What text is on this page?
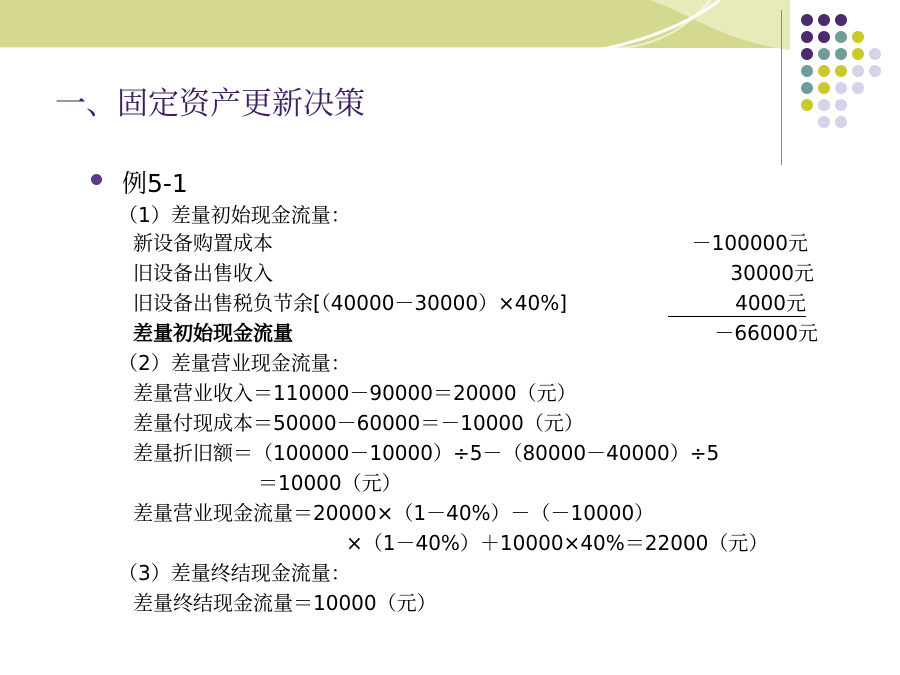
一、固定资产更新决策
例5-1
（1）差量初始现金流量：
新设备购置成本	－100000元
旧设备出售收入	30000元
旧设备出售税负节余[（40000－30000）×40%]	4000元
差量初始现金流量	－66000元
（2）差量营业现金流量：
差量营业收入＝110000－90000＝20000（元）
差量付现成本＝50000－60000＝－10000（元）
差量折旧额＝（100000－10000）÷5－（80000－40000）÷5
＝10000（元）
差量营业现金流量＝20000×（1－40%）－（－10000）
×（1－40%）＋10000×40%＝22000（元）
（3）差量终结现金流量：
差量终结现金流量＝10000（元）
